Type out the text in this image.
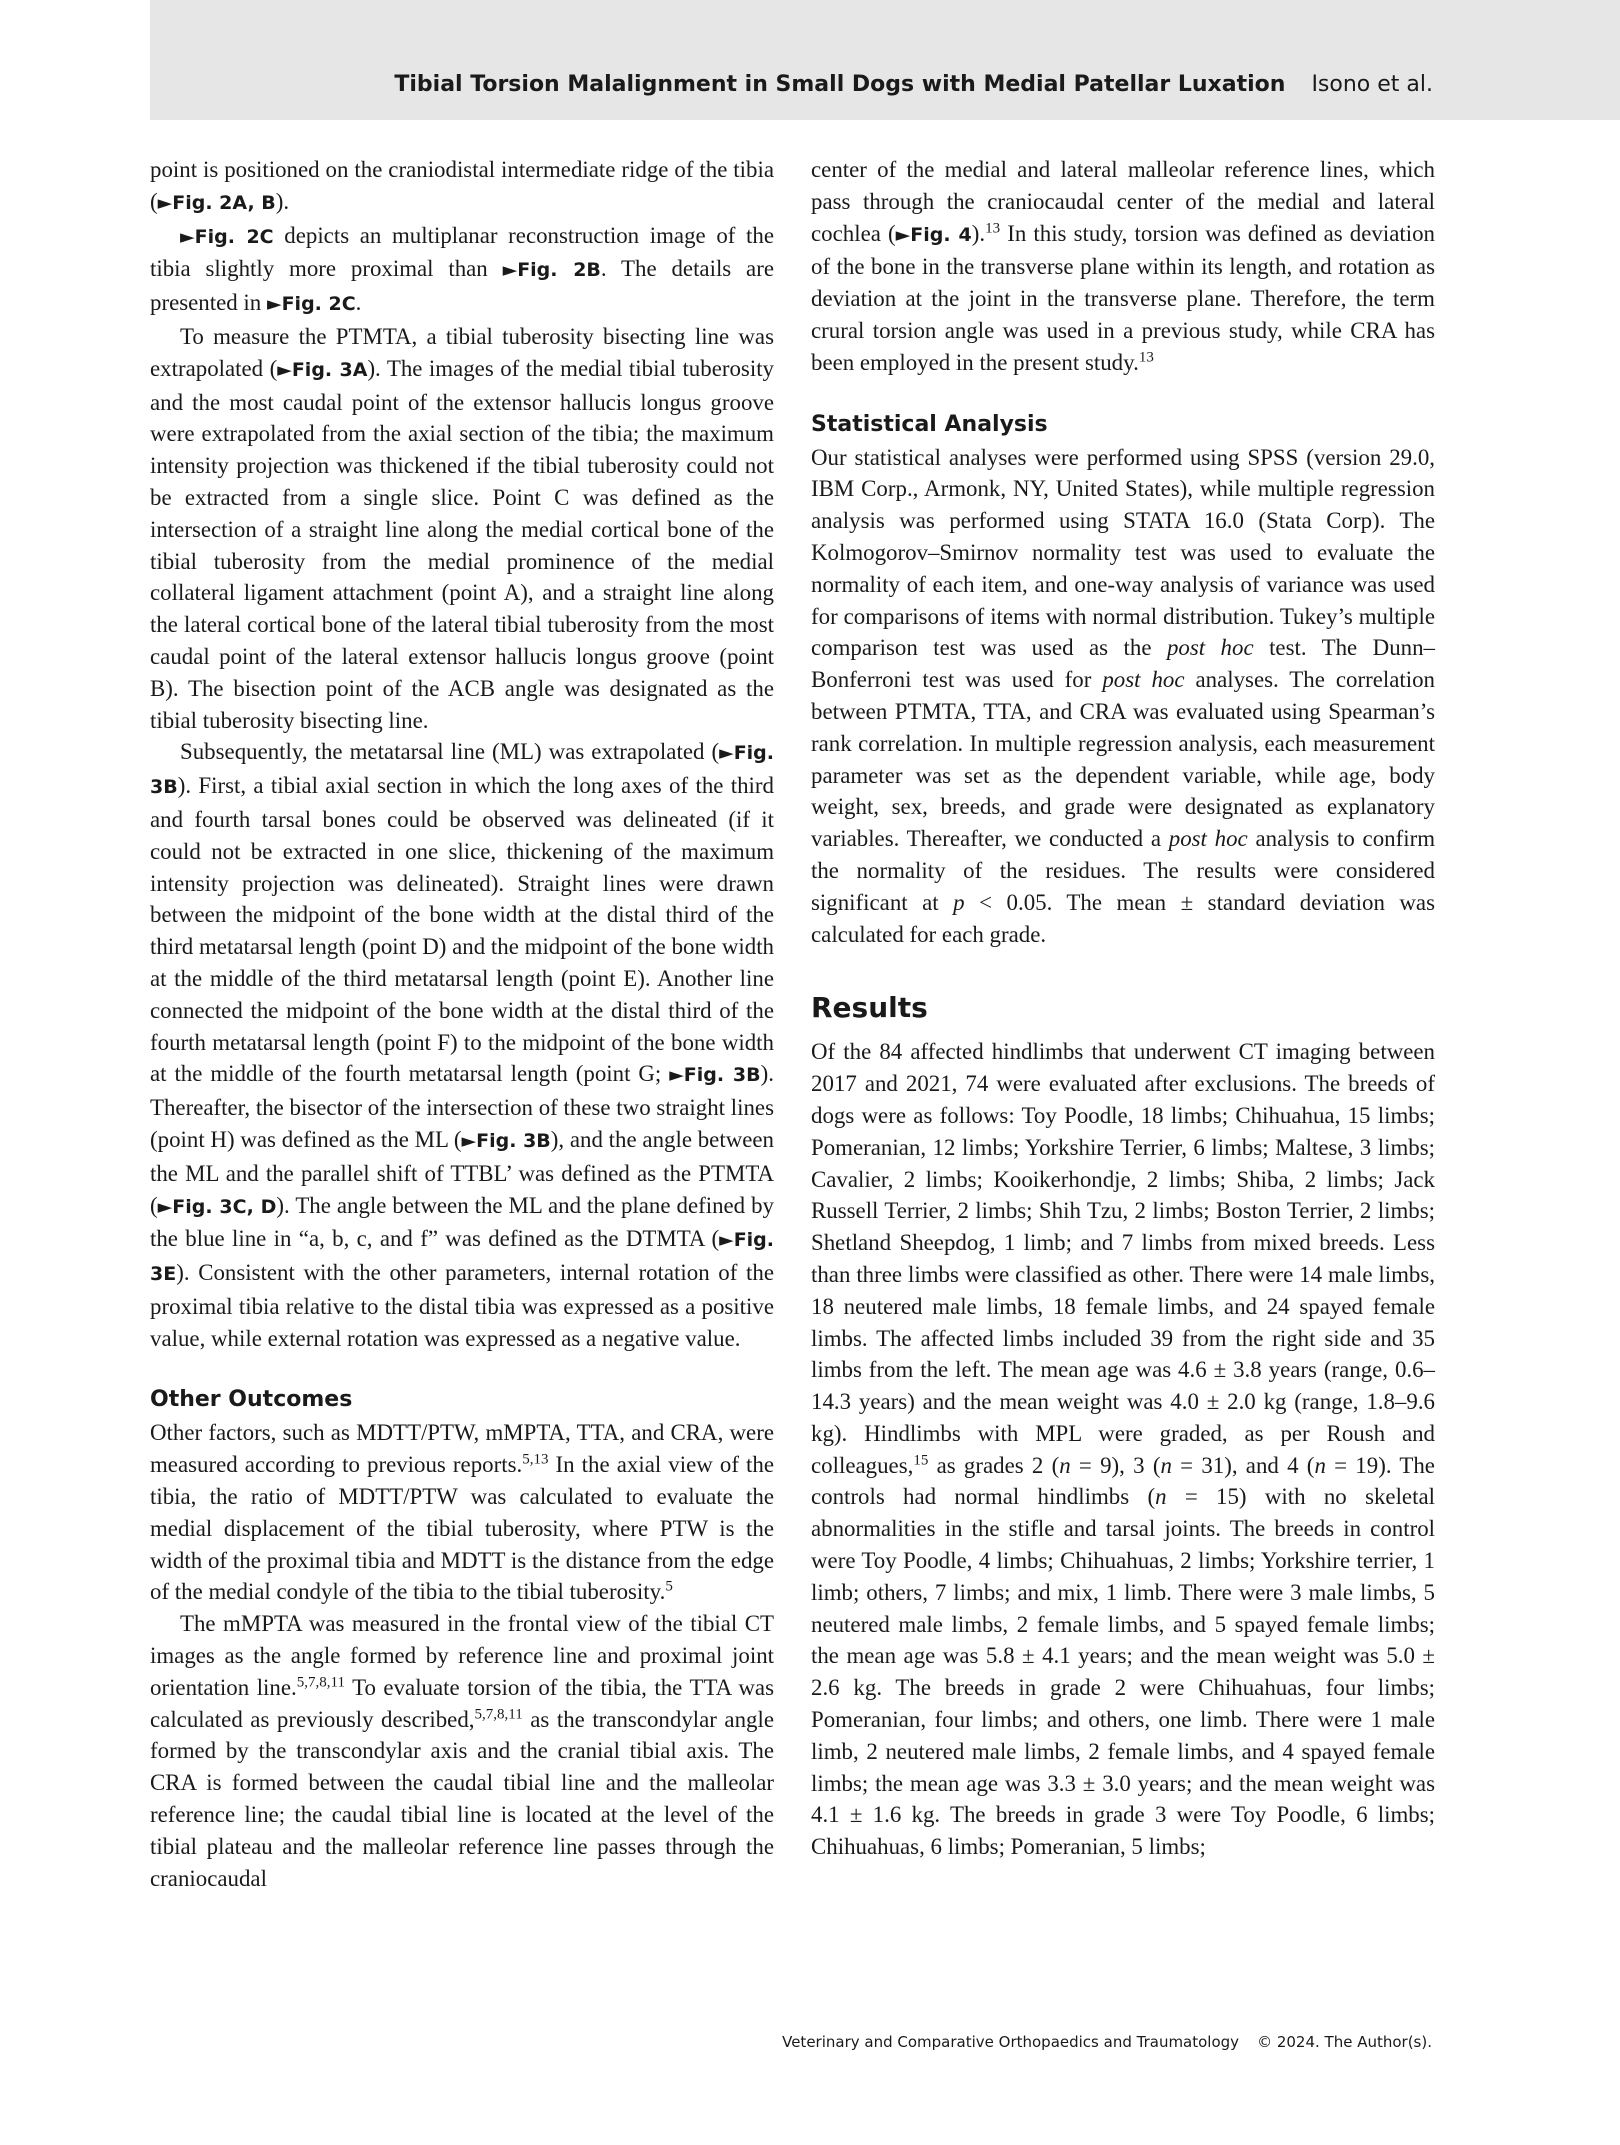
Tibial Torsion Malalignment in Small Dogs with Medial Patellar Luxation Isono et al.

point is positioned on the craniodistal intermediate ridge of the tibia (►Fig. 2A, B).

►Fig. 2C depicts an multiplanar reconstruction image of the tibia slightly more proximal than ►Fig. 2B. The details are presented in ►Fig. 2C.

To measure the PTMTA, a tibial tuberosity bisecting line was extrapolated (►Fig. 3A). The images of the medial tibial tuberosity and the most caudal point of the extensor hallucis longus groove were extrapolated from the axial section of the tibia; the maximum intensity projection was thickened if the tibial tuberosity could not be extracted from a single slice. Point C was defined as the intersection of a straight line along the medial cortical bone of the tibial tuberosity from the medial prominence of the medial collateral ligament attachment (point A), and a straight line along the lateral cortical bone of the lateral tibial tuberosity from the most caudal point of the lateral extensor hallucis longus groove (point B). The bisection point of the ACB angle was designated as the tibial tuberosity bisecting line.

Subsequently, the metatarsal line (ML) was extrapolated (►Fig. 3B). First, a tibial axial section in which the long axes of the third and fourth tarsal bones could be observed was delineated (if it could not be extracted in one slice, thickening of the maximum intensity projection was delineated). Straight lines were drawn between the midpoint of the bone width at the distal third of the third metatarsal length (point D) and the midpoint of the bone width at the middle of the third metatarsal length (point E). Another line connected the midpoint of the bone width at the distal third of the fourth metatarsal length (point F) to the midpoint of the bone width at the middle of the fourth metatarsal length (point G; ►Fig. 3B). Thereafter, the bisector of the intersection of these two straight lines (point H) was defined as the ML (►Fig. 3B), and the angle between the ML and the parallel shift of TTBL’ was defined as the PTMTA (►Fig. 3C, D). The angle between the ML and the plane defined by the blue line in “a, b, c, and f” was defined as the DTMTA (►Fig. 3E). Consistent with the other parameters, internal rotation of the proximal tibia relative to the distal tibia was expressed as a positive value, while external rotation was expressed as a negative value.

Other Outcomes

Other factors, such as MDTT/PTW, mMPTA, TTA, and CRA, were measured according to previous reports.$^{5,13}$ In the axial view of the tibia, the ratio of MDTT/PTW was calculated to evaluate the medial displacement of the tibial tuberosity, where PTW is the width of the proximal tibia and MDTT is the distance from the edge of the medial condyle of the tibia to the tibial tuberosity.$^5$

The mMPTA was measured in the frontal view of the tibial CT images as the angle formed by reference line and proximal joint orientation line.$^{5,7,8,11}$ To evaluate torsion of the tibia, the TTA was calculated as previously described,$^{5,7,8,11}$ as the transcondylar angle formed by the transcondylar axis and the cranial tibial axis. The CRA is formed between the caudal tibial line and the malleolar reference line; the caudal tibial line is located at the level of the tibial plateau and the malleolar reference line passes through the craniocaudal

center of the medial and lateral malleolar reference lines, which pass through the craniocaudal center of the medial and lateral cochlea (►Fig. 4).$^{13}$ In this study, torsion was defined as deviation of the bone in the transverse plane within its length, and rotation as deviation at the joint in the transverse plane. Therefore, the term crural torsion angle was used in a previous study, while CRA has been employed in the present study.$^{13}$

Statistical Analysis

Our statistical analyses were performed using SPSS (version 29.0, IBM Corp., Armonk, NY, United States), while multiple regression analysis was performed using STATA 16.0 (Stata Corp). The Kolmogorov–Smirnov normality test was used to evaluate the normality of each item, and one-way analysis of variance was used for comparisons of items with normal distribution. Tukey’s multiple comparison test was used as the post hoc test. The Dunn–Bonferroni test was used for post hoc analyses. The correlation between PTMTA, TTA, and CRA was evaluated using Spearman’s rank correlation. In multiple regression analysis, each measurement parameter was set as the dependent variable, while age, body weight, sex, breeds, and grade were designated as explanatory variables. Thereafter, we conducted a post hoc analysis to confirm the normality of the residues. The results were considered significant at p < 0.05. The mean ± standard deviation was calculated for each grade.

Results

Of the 84 affected hindlimbs that underwent CT imaging between 2017 and 2021, 74 were evaluated after exclusions. The breeds of dogs were as follows: Toy Poodle, 18 limbs; Chihuahua, 15 limbs; Pomeranian, 12 limbs; Yorkshire Terrier, 6 limbs; Maltese, 3 limbs; Cavalier, 2 limbs; Kooikerhondje, 2 limbs; Shiba, 2 limbs; Jack Russell Terrier, 2 limbs; Shih Tzu, 2 limbs; Boston Terrier, 2 limbs; Shetland Sheepdog, 1 limb; and 7 limbs from mixed breeds. Less than three limbs were classified as other. There were 14 male limbs, 18 neutered male limbs, 18 female limbs, and 24 spayed female limbs. The affected limbs included 39 from the right side and 35 limbs from the left. The mean age was 4.6 ± 3.8 years (range, 0.6–14.3 years) and the mean weight was 4.0 ± 2.0 kg (range, 1.8–9.6 kg). Hindlimbs with MPL were graded, as per Roush and colleagues,$^{15}$ as grades 2 (n = 9), 3 (n = 31), and 4 (n = 19). The controls had normal hindlimbs (n = 15) with no skeletal abnormalities in the stifle and tarsal joints. The breeds in control were Toy Poodle, 4 limbs; Chihuahuas, 2 limbs; Yorkshire terrier, 1 limb; others, 7 limbs; and mix, 1 limb. There were 3 male limbs, 5 neutered male limbs, 2 female limbs, and 5 spayed female limbs; the mean age was 5.8 ± 4.1 years; and the mean weight was 5.0 ± 2.6 kg. The breeds in grade 2 were Chihuahuas, four limbs; Pomeranian, four limbs; and others, one limb. There were 1 male limb, 2 neutered male limbs, 2 female limbs, and 4 spayed female limbs; the mean age was 3.3 ± 3.0 years; and the mean weight was 4.1 ± 1.6 kg. The breeds in grade 3 were Toy Poodle, 6 limbs; Chihuahuas, 6 limbs; Pomeranian, 5 limbs;

Veterinary and Comparative Orthopaedics and Traumatology © 2024. The Author(s).
